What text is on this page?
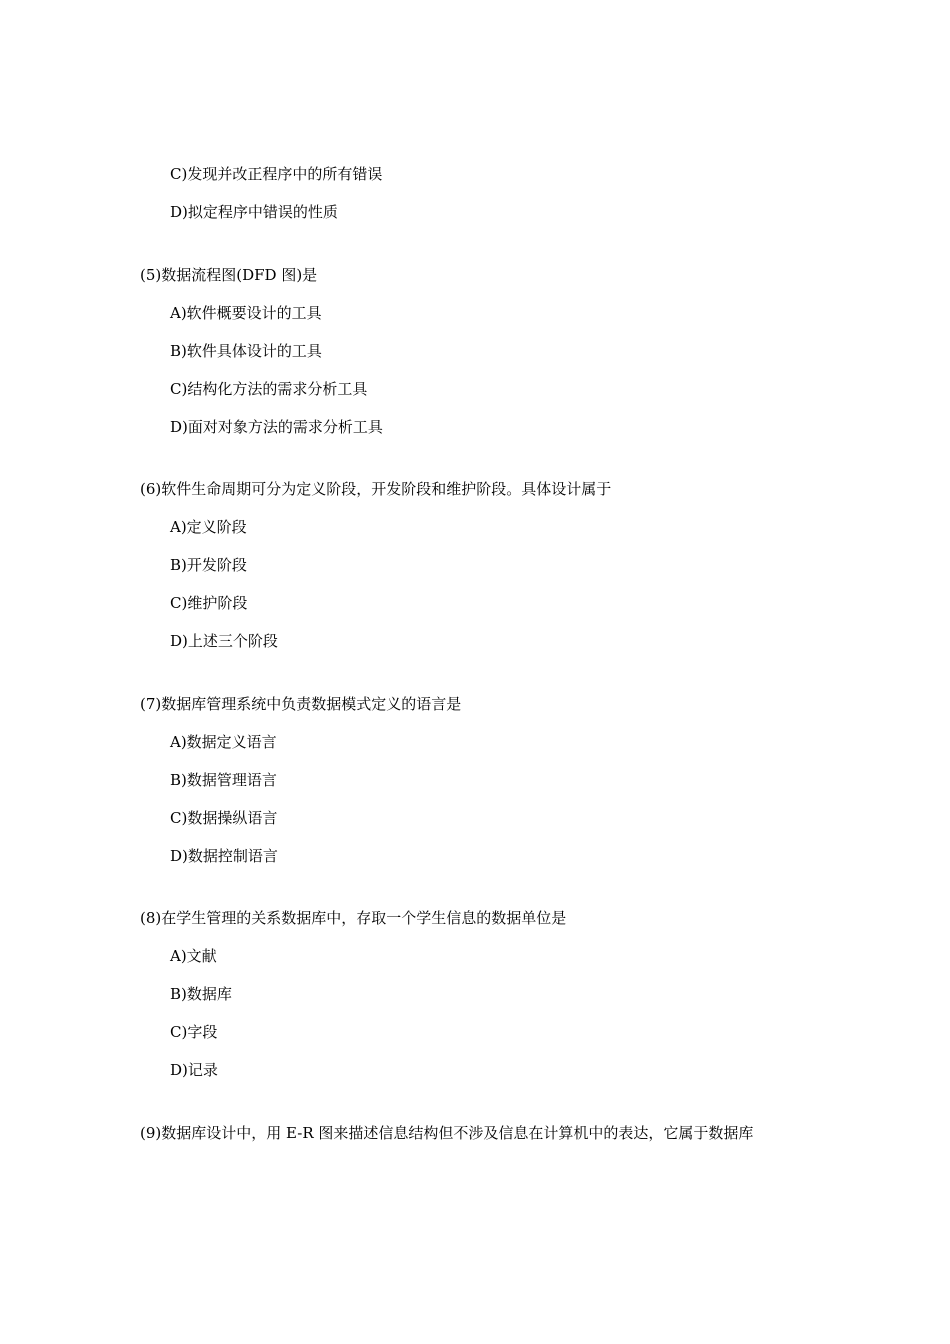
C)发现并改正程序中的所有错误
D)拟定程序中错误的性质
(5)数据流程图(DFD 图)是
A)软件概要设计的工具
B)软件具体设计的工具
C)结构化方法的需求分析工具
D)面对对象方法的需求分析工具
(6)软件生命周期可分为定义阶段，开发阶段和维护阶段。具体设计属于
A)定义阶段
B)开发阶段
C)维护阶段
D)上述三个阶段
(7)数据库管理系统中负责数据模式定义的语言是
A)数据定义语言
B)数据管理语言
C)数据操纵语言
D)数据控制语言
(8)在学生管理的关系数据库中，存取一个学生信息的数据单位是
A)文献
B)数据库
C)字段
D)记录
(9)数据库设计中，用 E-R 图来描述信息结构但不涉及信息在计算机中的表达，它属于数据库
